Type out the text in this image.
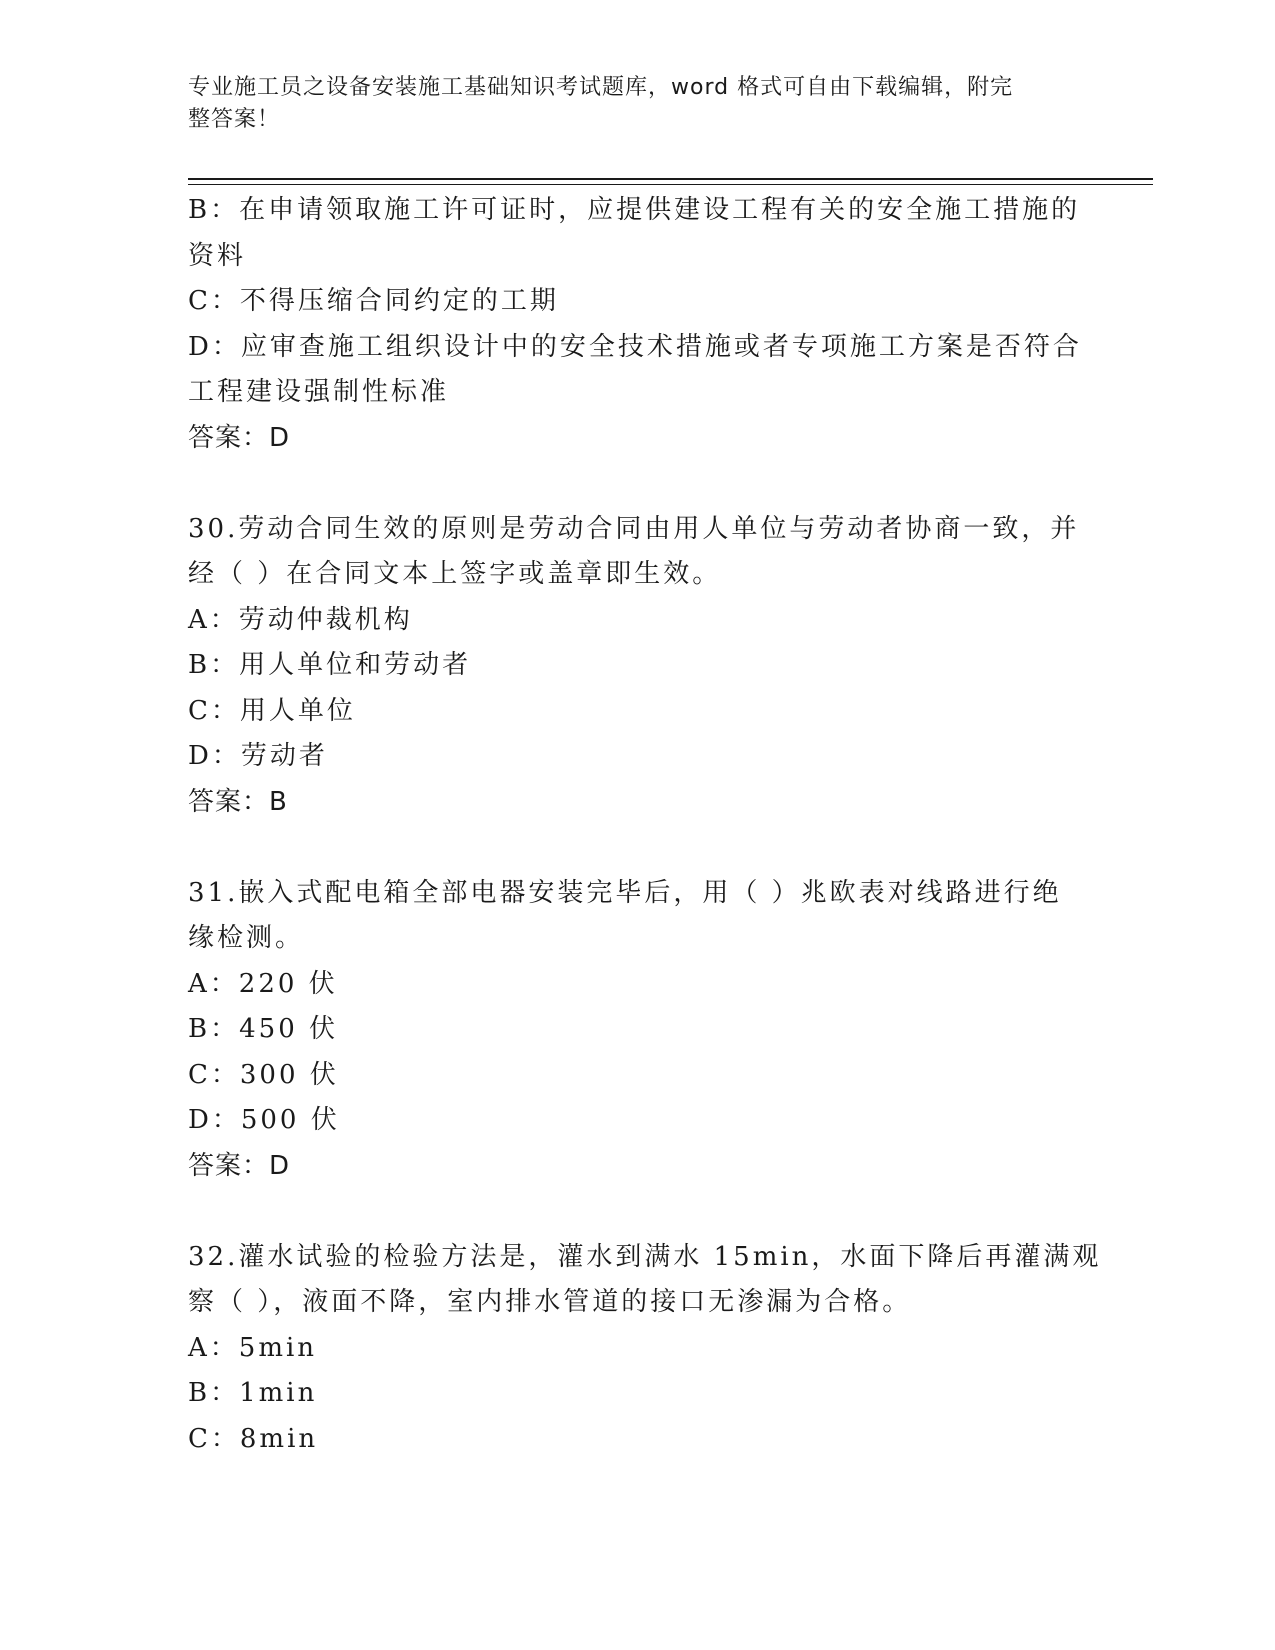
专业施工员之设备安装施工基础知识考试题库，word 格式可自由下载编辑，附完
整答案！
B：在申请领取施工许可证时，应提供建设工程有关的安全施工措施的
资料
C：不得压缩合同约定的工期
D：应审查施工组织设计中的安全技术措施或者专项施工方案是否符合
工程建设强制性标准
答案：D
30.劳动合同生效的原则是劳动合同由用人单位与劳动者协商一致，并
经（ ）在合同文本上签字或盖章即生效。
A：劳动仲裁机构
B：用人单位和劳动者
C：用人单位
D：劳动者
答案：B
31.嵌入式配电箱全部电器安装完毕后，用（ ）兆欧表对线路进行绝
缘检测。
A：220 伏
B：450 伏
C：300 伏
D：500 伏
答案：D
32.灌水试验的检验方法是，灌水到满水 15min，水面下降后再灌满观
察（ ），液面不降，室内排水管道的接口无渗漏为合格。
A：5min
B：1min
C：8min
